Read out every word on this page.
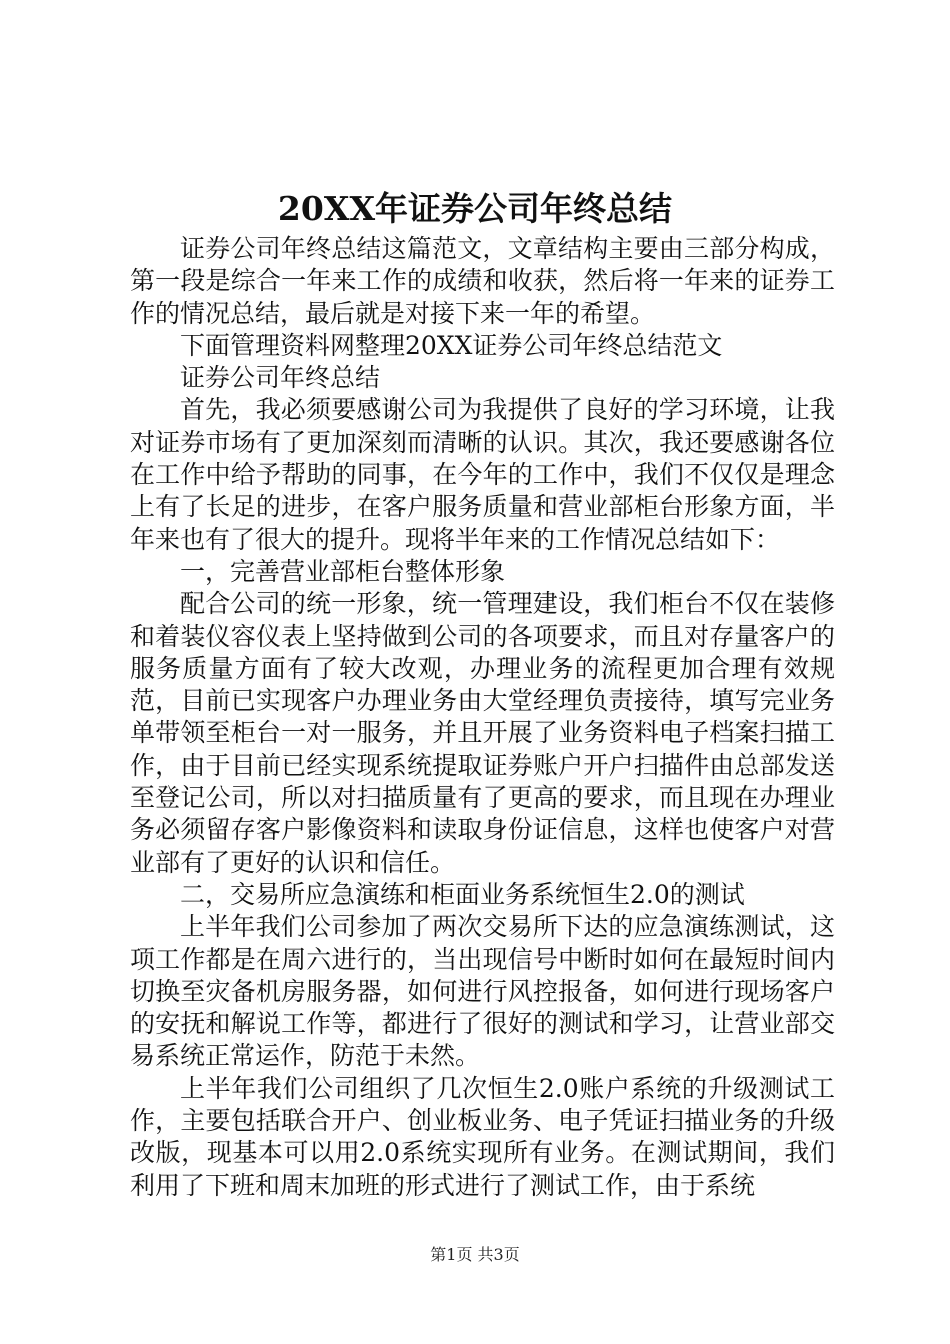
20XX年证券公司年终总结

证券公司年终总结这篇范文，文章结构主要由三部分构成，第一段是综合一年来工作的成绩和收获，然后将一年来的证券工作的情况总结，最后就是对接下来一年的希望。

下面管理资料网整理20XX证券公司年终总结范文

证券公司年终总结

首先，我必须要感谢公司为我提供了良好的学习环境，让我对证券市场有了更加深刻而清晰的认识。其次，我还要感谢各位在工作中给予帮助的同事，在今年的工作中，我们不仅仅是理念上有了长足的进步，在客户服务质量和营业部柜台形象方面，半年来也有了很大的提升。现将半年来的工作情况总结如下：

一，完善营业部柜台整体形象

配合公司的统一形象，统一管理建设，我们柜台不仅在装修和着装仪容仪表上坚持做到公司的各项要求，而且对存量客户的服务质量方面有了较大改观，办理业务的流程更加合理有效规范，目前已实现客户办理业务由大堂经理负责接待，填写完业务单带领至柜台一对一服务，并且开展了业务资料电子档案扫描工作，由于目前已经实现系统提取证券账户开户扫描件由总部发送至登记公司，所以对扫描质量有了更高的要求，而且现在办理业务必须留存客户影像资料和读取身份证信息，这样也使客户对营业部有了更好的认识和信任。

二，交易所应急演练和柜面业务系统恒生2.0的测试

上半年我们公司参加了两次交易所下达的应急演练测试，这项工作都是在周六进行的，当出现信号中断时如何在最短时间内切换至灾备机房服务器，如何进行风控报备，如何进行现场客户的安抚和解说工作等，都进行了很好的测试和学习，让营业部交易系统正常运作，防范于未然。

上半年我们公司组织了几次恒生2.0账户系统的升级测试工作，主要包括联合开户、创业板业务、电子凭证扫描业务的升级改版，现基本可以用2.0系统实现所有业务。在测试期间，我们利用了下班和周末加班的形式进行了测试工作，由于系统

第1页 共3页
